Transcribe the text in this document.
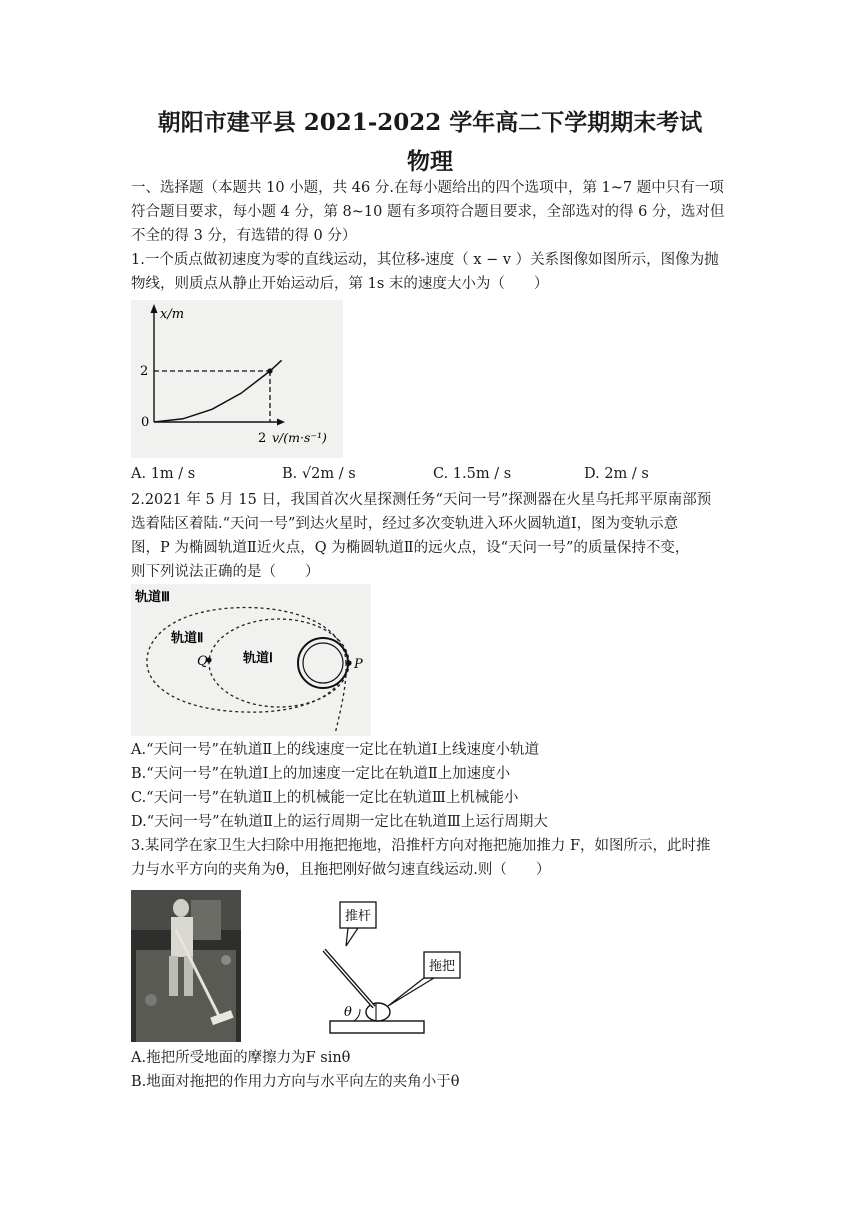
朝阳市建平县 2021-2022 学年高二下学期期末考试
物理
一、选择题（本题共 10 小题，共 46 分.在每小题给出的四个选项中，第 1~7 题中只有一项
符合题目要求，每小题 4 分，第 8~10 题有多项符合题目要求，全部选对的得 6 分，选对但
不全的得 3 分，有选错的得 0 分）
1.一个质点做初速度为零的直线运动，其位移-速度（ x − v ）关系图像如图所示，图像为抛
物线，则质点从静止开始运动后，第 1s 末的速度大小为（　　）
x/m
2
0
2 v/(m·s⁻¹)
A. 1m / s	B. √2m / s	C. 1.5m / s	D. 2m / s
2.2021 年 5 月 15 日，我国首次火星探测任务“天问一号”探测器在火星乌托邦平原南部预
选着陆区着陆.“天问一号”到达火星时，经过多次变轨进入环火圆轨道Ⅰ，图为变轨示意
图，P 为椭圆轨道Ⅱ近火点，Q 为椭圆轨道Ⅱ的远火点，设“天问一号”的质量保持不变，
则下列说法正确的是（　　）
轨道Ⅲ
轨道Ⅱ
轨道Ⅰ
Q	P
A.“天问一号”在轨道Ⅱ上的线速度一定比在轨道Ⅰ上线速度小轨道
B.“天问一号”在轨道Ⅰ上的加速度一定比在轨道Ⅱ上加速度小
C.“天问一号”在轨道Ⅱ上的机械能一定比在轨道Ⅲ上机械能小
D.“天问一号”在轨道Ⅱ上的运行周期一定比在轨道Ⅲ上运行周期大
3.某同学在家卫生大扫除中用拖把拖地，沿推杆方向对拖把施加推力 F，如图所示，此时推
力与水平方向的夹角为θ，且拖把刚好做匀速直线运动.则（　　）
θ
推杆
拖把
A.拖把所受地面的摩擦力为F sinθ
B.地面对拖把的作用力方向与水平向左的夹角小于θ
